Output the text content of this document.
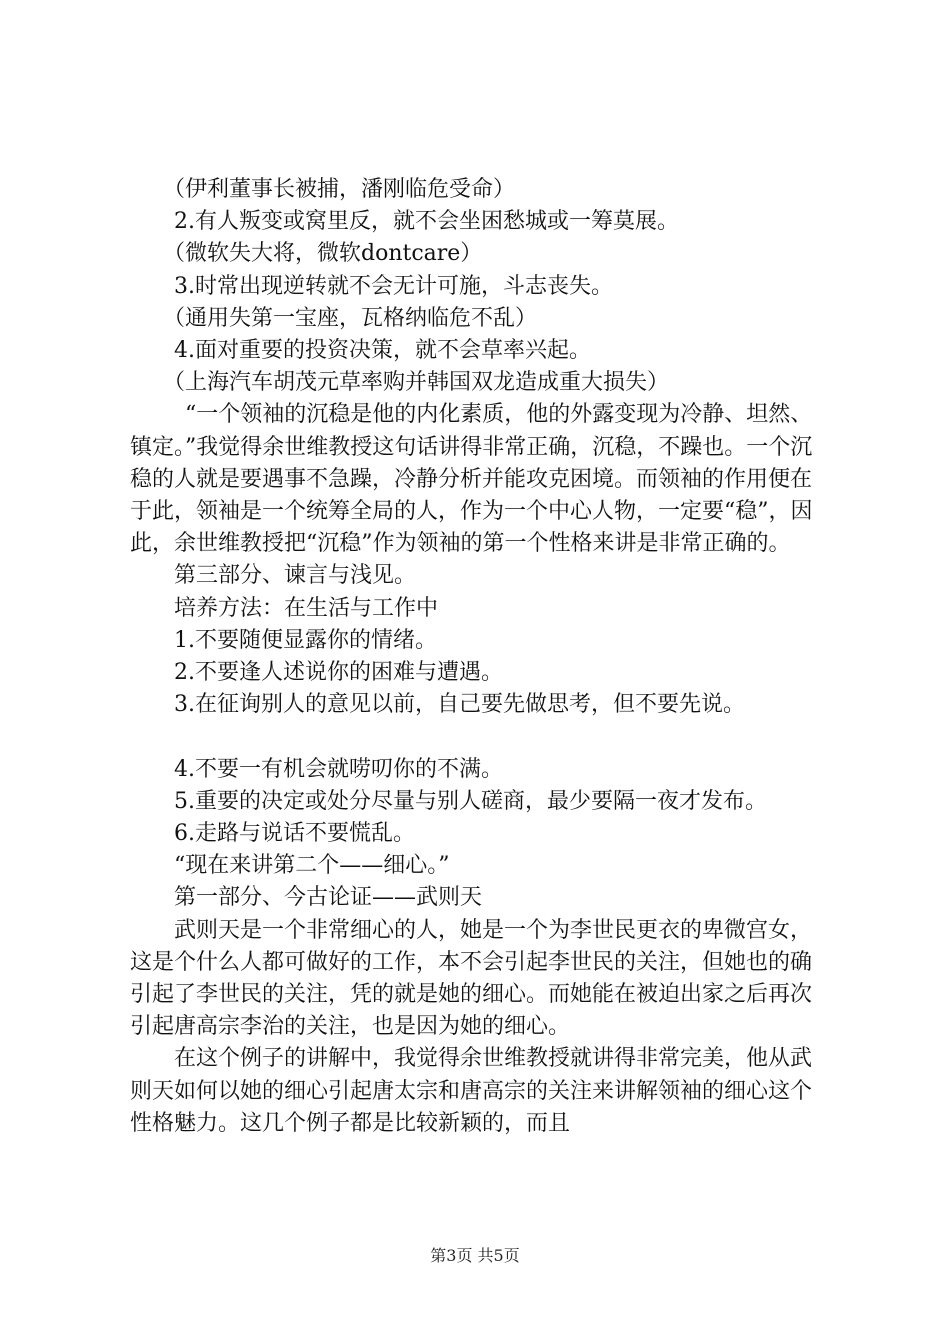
（伊利董事长被捕，潘刚临危受命）

2.有人叛变或窝里反，就不会坐困愁城或一筹莫展。

（微软失大将，微软dontcare）

3.时常出现逆转就不会无计可施，斗志丧失。

（通用失第一宝座，瓦格纳临危不乱）

4.面对重要的投资决策，就不会草率兴起。

（上海汽车胡茂元草率购并韩国双龙造成重大损失）

“一个领袖的沉稳是他的内化素质，他的外露变现为冷静、坦然、镇定。”我觉得余世维教授这句话讲得非常正确，沉稳，不躁也。一个沉稳的人就是要遇事不急躁，冷静分析并能攻克困境。而领袖的作用便在于此，领袖是一个统筹全局的人，作为一个中心人物，一定要“稳”，因此，余世维教授把“沉稳”作为领袖的第一个性格来讲是非常正确的。

第三部分、谏言与浅见。

培养方法：在生活与工作中

1.不要随便显露你的情绪。

2.不要逢人述说你的困难与遭遇。

3.在征询别人的意见以前，自己要先做思考，但不要先说。

4.不要一有机会就唠叨你的不满。

5.重要的决定或处分尽量与别人磋商，最少要隔一夜才发布。

6.走路与说话不要慌乱。

“现在来讲第二个——细心。”

第一部分、今古论证——武则天

武则天是一个非常细心的人，她是一个为李世民更衣的卑微宫女，这是个什么人都可做好的工作，本不会引起李世民的关注，但她也的确引起了李世民的关注，凭的就是她的细心。而她能在被迫出家之后再次引起唐高宗李治的关注，也是因为她的细心。

在这个例子的讲解中，我觉得余世维教授就讲得非常完美，他从武则天如何以她的细心引起唐太宗和唐高宗的关注来讲解领袖的细心这个性格魅力。这几个例子都是比较新颖的，而且

第3页 共5页
